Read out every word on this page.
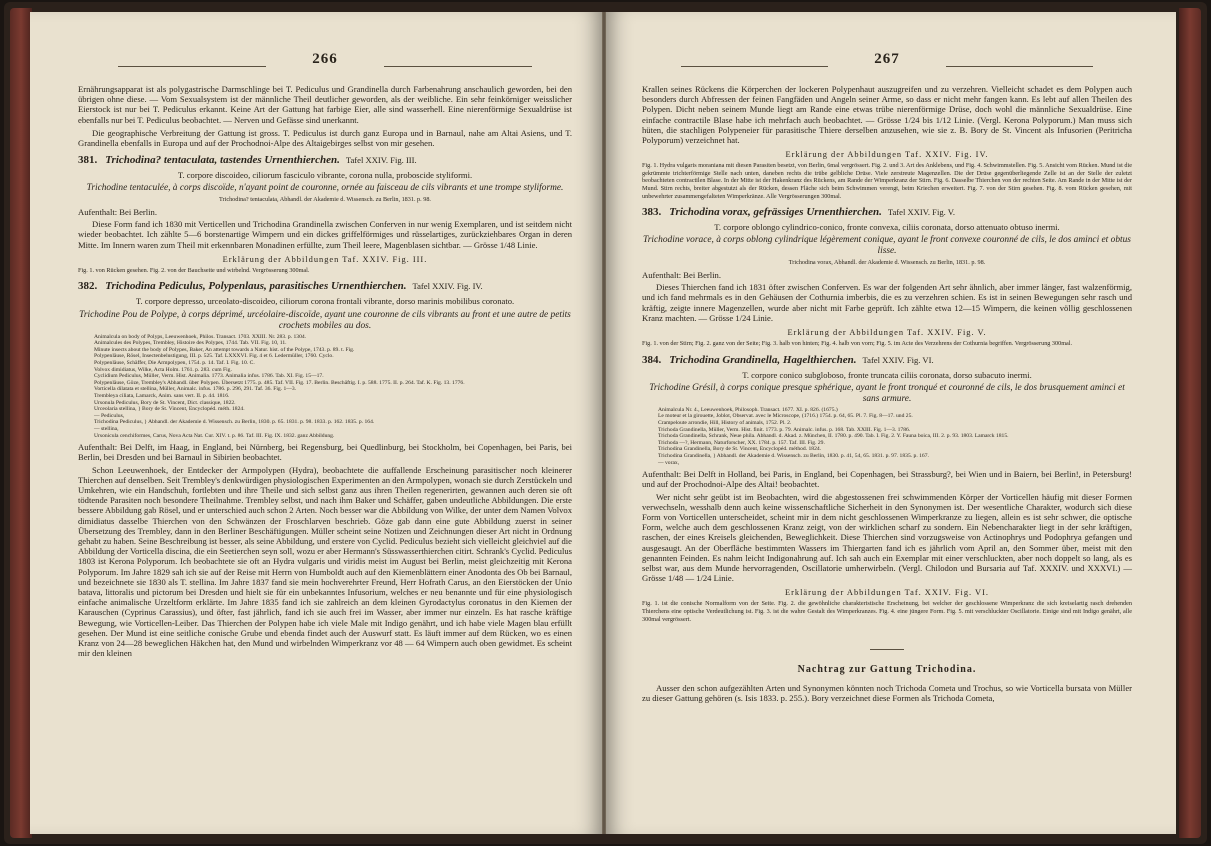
266

Ernährungsapparat ist als polygastrische Darmschlinge bei T. Pediculus und Grandinella durch Farbenahrung anschaulich geworden, bei den übrigen ohne diese. — Vom Sexualsystem ist der männliche Theil deutlicher geworden, als der weibliche. Ein sehr feinkörniger weisslicher Eierstock ist nur bei T. Pediculus erkannt. Keine Art der Gattung hat farbige Eier, alle sind wasserhell. Eine nierenförmige Sexualdrüse ist ebenfalls nur bei T. Pediculus beobachtet. — Nerven und Gefässe sind unerkannt.

Die geographische Verbreitung der Gattung ist gross. T. Pediculus ist durch ganz Europa und in Barnaul, nahe am Altai Asiens, und T. Grandinella ebenfalls in Europa und auf der Prochodnoi-Alpe des Altaigebirges selbst von mir gesehen.

381. Trichodina? tentaculata, tastendes Urnenthierchen. Tafel XXIV. Fig. III.

T. corpore discoideo, ciliorum fasciculo vibrante, corona nulla, proboscide styliformi.

Trichodine tentaculée, à corps discoïde, n'ayant point de couronne, ornée au faisceau de cils vibrants et une trompe styliforme.

Trichodina? tentaculata, Abhandl. der Akademie d. Wissensch. zu Berlin, 1831. p. 98.

Aufenthalt: Bei Berlin.

Diese Form fand ich 1830 mit Verticellen und Trichodina Grandinella zwischen Conferven in nur wenig Exemplaren, und ist seitdem nicht wieder beobachtet. Ich zählte 5—6 borstenartige Wimpern und ein dickes griffelförmiges und rüsselartiges, zurückziehbares Organ in deren Mitte. Im Innern waren zum Theil mit erkennbaren Monadinen erfüllte, zum Theil leere, Magenblasen sichtbar. — Grösse 1/48 Linie.

Erklärung der Abbildungen Taf. XXIV. Fig. III.

Fig. 1. von Rücken gesehen. Fig. 2. von der Bauchseite und wirbelnd. Vergrösserung 300mal.

382. Trichodina Pediculus, Polypenlaus, parasitisches Urnenthierchen. Tafel XXIV. Fig. IV.

T. corpore depresso, urceolato-discoideo, ciliorum corona frontali vibrante, dorso marinis mobilibus coronato.

Trichodine Pou de Polype, à corps déprimé, urcéolaire-discoïde, ayant une couronne de cils vibrants au front et une autre de petits crochets mobiles au dos.

Animalcula on body of Polyps, Leeuwenhoek, Philos. Transact. 1703. XXIII. Nr. 283. p. 1304.

Animalcules des Polypes, Trembley, Histoire des Polypes, 1744. Tab. VII. Fig. 10, 11.

Minute insects about the body of Polypes, Baker, An attempt towards a Natur. hist. of the Polype, 1743. p. 89. t. Fig.

Polypenläuse, Rösel, Insectenbelustigung, III. p. 525. Taf. LXXXVI. Fig. 4 et 6. Ledermüller, 1760. Cyclo.

Polypenläuse, Schäffer, Die Armpolypen, 1754. p. 14. Taf. I. Fig. 10. C.

Volvox dimidiatus, Wilke, Acta Holm. 1761. p. 283. cum Fig.

Cyclidium Pediculus, Müller, Verm. Hist. Animalia. 1773. Animalia infus. 1786. Tab. XI. Fig. 15—17.

Polypenläuse, Göze, Trembley's Abhandl. über Polypen. Übersetzt 1775. p. 485. Taf. VII. Fig. 17. Berlin. Beschäftig. I. p. 588. 1775. II. p. 264. Taf. K. Fig. 13. 1776.

Vorticella dilatata et stellina, Müller, Animalc. infus. 1786. p. 296, 291. Taf. 36. Fig. 1—3.

Trembleya ciliata, Lamarck, Anim. sans vert. II. p. 44. 1816.

Ursonula Pediculus, Bory de St. Vincent, Dict. classique, 1822.

Urceolaria stellina, } Bory de St. Vincent, Encyclopéd. méth. 1824.

— Pediculus,

Trichodina Pediculus, } Abhandl. der Akademie d. Wissensch. zu Berlin, 1830. p. 65. 1831. p. 98. 1833. p. 162. 1835. p. 164.

— stellina,

Ursonicula cenchiformes, Carus, Nova Acta Nat. Cur. XIV. t. p. 86. Taf. III. Fig. IX. 1832. ganz Abbildung.

Aufenthalt: Bei Delft, im Haag, in England, bei Nürnberg, bei Regensburg, bei Quedlinburg, bei Stockholm, bei Copenhagen, bei Paris, bei Berlin, bei Dresden und bei Barnaul in Sibirien beobachtet.

Schon Leeuwenhoek, der Entdecker der Armpolypen (Hydra), beobachtete die auffallende Erscheinung parasitischer noch kleinerer Thierchen auf denselben. Seit Trembley's denkwürdigen physiologischen Experimenten an den Armpolypen, wonach sie durch Zerstückeln und Umkehren, wie ein Handschuh, fortlebten und ihre Theile und sich selbst ganz aus ihren Theilen regenerirten, gewannen auch deren sie oft tödtende Parasiten noch besondere Theilnahme. Trembley selbst, und nach ihm Baker und Schäffer, gaben undeutliche Abbildungen. Die erste bessere Abbildung gab Rösel, und er unterschied auch schon 2 Arten. Noch besser war die Abbildung von Wilke, der unter dem Namen Volvox dimidiatus dasselbe Thierchen von den Schwänzen der Froschlarven beschrieb. Göze gab dann eine gute Abbildung zuerst in seiner Übersetzung des Trembley, dann in den Berliner Beschäftigungen. Müller scheint seine Notizen und Zeichnungen dieser Art nicht in Ordnung gehabt zu haben. Seine Beschreibung ist besser, als seine Abbildung, und erstere von Cyclid. Pediculus bezieht sich vielleicht gleichviel auf die Abbildung der Vorticella discina, die ein Seetierchen seyn soll, wozu er aber Hermann's Süsswasserthierchen citirt. Schrank's Cyclid. Pediculus 1803 ist Kerona Polyporum. Ich beobachtete sie oft an Hydra vulgaris und viridis meist im August bei Berlin, meist gleichzeitig mit Kerona Polyporum. Im Jahre 1829 sah ich sie auf der Reise mit Herrn von Humboldt auch auf den Kiemenblättern einer Anodonta des Ob bei Barnaul, und bezeichnete sie 1830 als T. stellina. Im Jahre 1837 fand sie mein hochverehrter Freund, Herr Hofrath Carus, an den Eierstöcken der Unio batava, littoralis und pictorum bei Dresden und hielt sie für ein unbekanntes Infusorium, welches er neu benannte und für eine physiologisch einfache animalische Urzeltform erklärte. Im Jahre 1835 fand ich sie zahlreich an dem kleinen Gyrodactylus coronatus in den Kiemen der Karauschen (Cyprinus Carassius), und öfter, fast jährlich, fand ich sie auch frei im Wasser, aber immer nur einzeln. Es hat rasche kräftige Bewegung, wie Vorticellen-Leiber. Das Thierchen der Polypen habe ich viele Male mit Indigo genährt, und ich habe viele Magen blau erfüllt gesehen. Der Mund ist eine seitliche conische Grube und ebenda findet auch der Auswurf statt. Es läuft immer auf dem Rücken, wo es einen Kranz von 24—28 beweglichen Häkchen hat, den Mund und wirbelnden Wimperkranz vor 48 — 64 Wimpern auch oben gewidmet. Es scheint mir den kleinen

267

Krallen seines Rückens die Körperchen der lockeren Polypenhaut auszugreifen und zu verzehren. Vielleicht schadet es dem Polypen auch besonders durch Abfressen der feinen Fangfäden und Angeln seiner Arme, so dass er nicht mehr fangen kann. Es lebt auf allen Theilen des Polypen. Dicht neben seinem Munde liegt am Rande eine etwas trübe nierenförmige Drüse, doch wohl die männliche Sexualdrüse. Eine einfache contractile Blase habe ich mehrfach auch beobachtet. — Grösse 1/24 bis 1/12 Linie. (Vergl. Kerona Polyporum.) Man muss sich hüten, die stachligen Polypeneier für parasitische Thiere derselben anzusehen, wie sie z. B. Bory de St. Vincent als Infusorien (Peritricha Polyporum) verzeichnet hat.

Erklärung der Abbildungen Taf. XXIV. Fig. IV.

Fig. 1. Hydra vulgaris moraniana mit diesen Parasiten besetzt, von Berlin, 6mal vergrössert. Fig. 2. und 3. Art des Anklebens, und Fig. 4. Schwimmstellen. Fig. 5. Ansicht vom Rücken. Mund ist die gekrümmte trichterförmige Stelle nach unten, daneben rechts die trübe gelbliche Drüse. Viele zerstreute Magenzellen. Die der Drüse gegenüberliegende Zelle ist an der Stelle der zuletzt beobachteten contractilen Blase. In der Mitte ist der Hakenkranz des Rückens, am Rande der Wimperkranz der Stirn. Fig. 6. Dasselbe Thierchen von der rechten Seite. Am Rande in der Mitte ist der Mund. Stirn rechts, breiter abgestutzt als der Rücken, dessen Fläche sich beim Schwimmen verengt, beim Kriechen erweitert. Fig. 7. von der Stirn gesehen. Fig. 8. vom Rücken gesehen, mit unbewehrter zusammengefalteten Wimperkränze. Alle Vergrösserungen 300mal.

383. Trichodina vorax, gefrässiges Urnenthierchen. Tafel XXIV. Fig. V.

T. corpore oblongo cylindrico-conico, fronte convexa, ciliis coronata, dorso attenuato obtuso inermi.

Trichodine vorace, à corps oblong cylindrique légèrement conique, ayant le front convexe couronné de cils, le dos aminci et obtus lisse.

Trichodina vorax, Abhandl. der Akademie d. Wissensch. zu Berlin, 1831. p. 98.

Aufenthalt: Bei Berlin.

Dieses Thierchen fand ich 1831 öfter zwischen Conferven. Es war der folgenden Art sehr ähnlich, aber immer länger, fast walzenförmig, und ich fand mehrmals es in den Gehäusen der Cothurnia imberbis, die es zu verzehren schien. Es ist in seinen Bewegungen sehr rasch und kräftig, zeigte innere Magenzellen, wurde aber nicht mit Farbe geprüft. Ich zählte etwa 12—15 Wimpern, die keinen völlig geschlossenen Kranz machten. — Grösse 1/24 Linie.

Erklärung der Abbildungen Taf. XXIV. Fig. V.

Fig. 1. von der Stirn; Fig. 2. ganz von der Seite; Fig. 3. halb von hinten; Fig. 4. halb von vorn; Fig. 5. im Acte des Verzehrens der Cothurnia begriffen. Vergrösserung 300mal.

384. Trichodina Grandinella, Hagelthierchen. Tafel XXIV. Fig. VI.

T. corpore conico subgloboso, fronte truncata ciliis coronata, dorso subacuto inermi.

Trichodine Grésil, à corps conique presque sphérique, ayant le front tronqué et couronné de cils, le dos brusquement aminci et sans armure.

Animalcula Nr. 4., Leeuwenhoek, Philosoph. Transact. 1677. XI. p. 826. (1675.)

Le moteur et la girouette, Joblot, Observat. avec le Microscope, (1716.) 1754. p. 64, 65. Pl. 7. Fig. 8—17. und 25.

Crampeloute arrondie, Hill, History of animals, 1752. Pl. 2.

Trichoda Grandinella, Müller, Verm. Hist. finit. 1773. p. 79. Animalc. infus. p. 168. Tab. XXIII. Fig. 1—3. 1786.

Trichoda Grandinella, Schrank, Neue phila. Abhandl. d. Akad. z. München, II. 1780. p. 490. Tab. I. Fig. 2. Y. Fauna boica, III. 2. p. 93. 1803. Lamarck 1815.

Trichoda —?, Hermann, Naturforscher, XX. 1784. p. 157. Taf. III. Fig. 29.

Trichodina Grandinella, Bory de St. Vincent, Encyclopéd. méthod. 1824.

Trichodina Grandinella, } Abhandl. der Akademie d. Wissensch. zu Berlin, 1830. p. 41, 54, 65. 1831. p. 97. 1835. p. 167.

— vorax,

Aufenthalt: Bei Delft in Holland, bei Paris, in England, bei Copenhagen, bei Strassburg?, bei Wien und in Baiern, bei Berlin!, in Petersburg! und auf der Prochodnoi-Alpe des Altai! beobachtet.

Wer nicht sehr geübt ist im Beobachten, wird die abgestossenen frei schwimmenden Körper der Vorticellen häufig mit dieser Formen verwechseln, wesshalb denn auch keine wissenschaftliche Sicherheit in den Synonymen ist. Der wesentliche Charakter, wodurch sich diese Form von Vorticellen unterscheidet, scheint mir in dem nicht geschlossenen Wimperkranze zu liegen, allein es ist sehr schwer, die optische Form, welche auch dem geschlossenen Kranz zeigt, von der wirklichen scharf zu sondern. Ein Nebencharakter liegt in der sehr kräftigen, raschen, der eines Kreisels gleichenden, Beweglichkeit. Diese Thierchen sind vorzugsweise von Actinophrys und Podophrya gefangen und ausgesaugt. An der Oberfläche bestimmten Wassers im Thiergarten fand ich es jährlich vom April an, den Sommer über, meist mit den genannten Feinden. Es nahm leicht Indigonahrung auf. Ich sah auch ein Exemplar mit einer verschluckten, aber noch doppelt so lang, als es selbst war, aus dem Munde hervorragenden, Oscillatorie umherwirbeln. (Vergl. Chilodon und Bursaria auf Taf. XXXIV. und XXXVI.) — Grösse 1/48 — 1/24 Linie.

Erklärung der Abbildungen Taf. XXIV. Fig. VI.

Fig. 1. ist die conische Normalform von der Seite. Fig. 2. die gewöhnliche charakteristische Erscheinung, bei welcher der geschlossene Wimperkranz die sich kreiselartig rasch drehenden Thierchens eine optische Verdeutlichung ist. Fig. 3. ist die wahre Gestalt des Wimperkranzes. Fig. 4. eine jüngere Form. Fig. 5. mit verschluckter Oscillatorie. Einige sind mit Indigo genährt, alle 300mal vergrössert.

Nachtrag zur Gattung Trichodina.

Ausser den schon aufgezählten Arten und Synonymen könnten noch Trichoda Cometa und Trochus, so wie Vorticella bursata von Müller zu dieser Gattung gehören (s. Isis 1833. p. 255.). Bory verzeichnet diese Formen als Trichoda Cometa,
